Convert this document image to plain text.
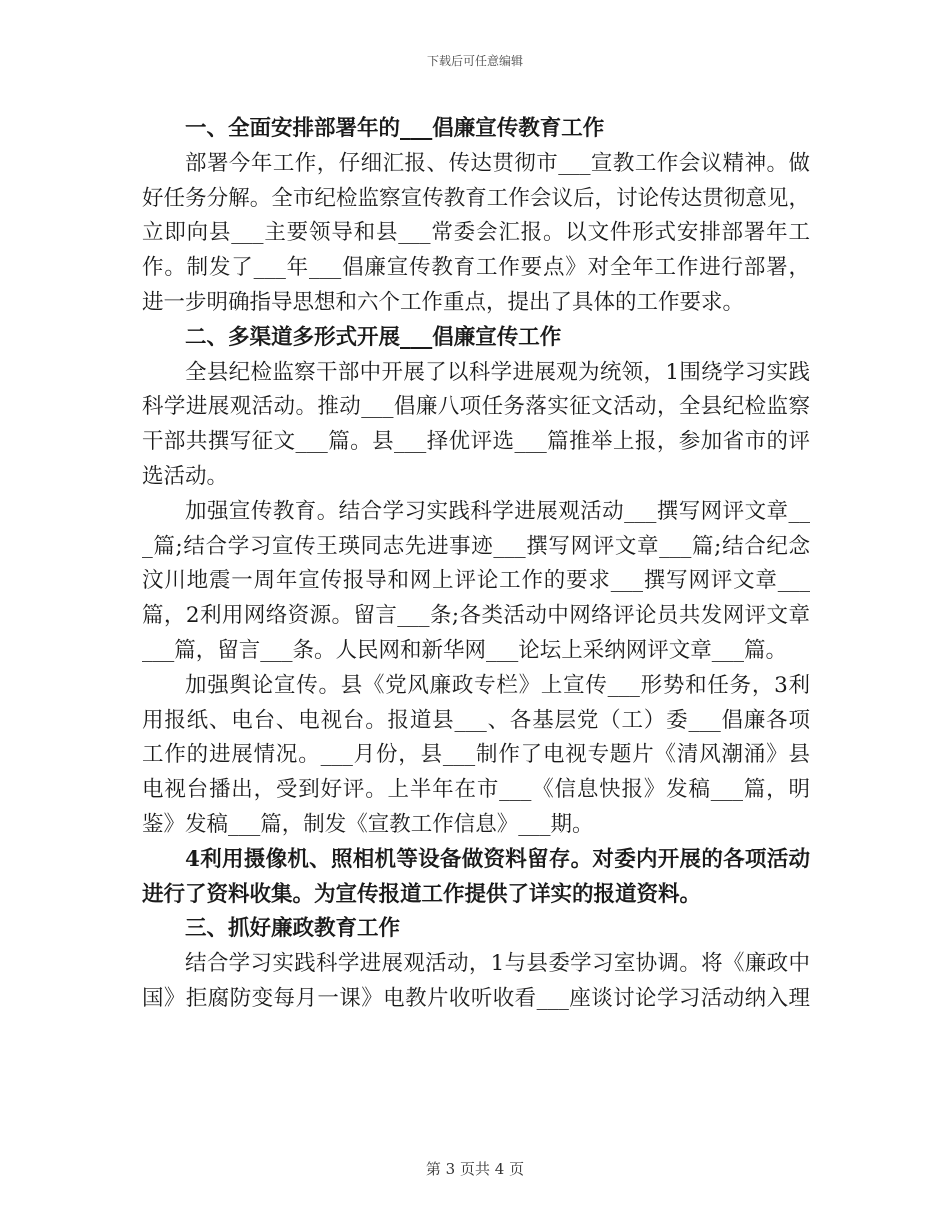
下载后可任意编辑
一、全面安排部署年的___倡廉宣传教育工作
部署今年工作，仔细汇报、传达贯彻市___宣教工作会议精神。做
好任务分解。全市纪检监察宣传教育工作会议后，讨论传达贯彻意见，
立即向县___主要领导和县___常委会汇报。以文件形式安排部署年工
作。制发了___年___倡廉宣传教育工作要点》对全年工作进行部署，
进一步明确指导思想和六个工作重点，提出了具体的工作要求。
二、多渠道多形式开展___倡廉宣传工作
全县纪检监察干部中开展了以科学进展观为统领，1围绕学习实践
科学进展观活动。推动___倡廉八项任务落实征文活动，全县纪检监察
干部共撰写征文___篇。县___择优评选___篇推举上报，参加省市的评
选活动。
加强宣传教育。结合学习实践科学进展观活动___撰写网评文章__
_篇;结合学习宣传王瑛同志先进事迹___撰写网评文章___篇;结合纪念
汶川地震一周年宣传报导和网上评论工作的要求___撰写网评文章___
篇，2利用网络资源。留言___条;各类活动中网络评论员共发网评文章
___篇，留言___条。人民网和新华网___论坛上采纳网评文章___篇。
加强舆论宣传。县《党风廉政专栏》上宣传___形势和任务，3利
用报纸、电台、电视台。报道县___、各基层党（工）委___倡廉各项
工作的进展情况。___月份，县___制作了电视专题片《清风潮涌》县
电视台播出，受到好评。上半年在市___《信息快报》发稿___篇，明
鉴》发稿___篇，制发《宣教工作信息》___期。
4利用摄像机、照相机等设备做资料留存。对委内开展的各项活动
进行了资料收集。为宣传报道工作提供了详实的报道资料。
三、抓好廉政教育工作
结合学习实践科学进展观活动，1与县委学习室协调。将《廉政中
国》拒腐防变每月一课》电教片收听收看___座谈讨论学习活动纳入理
第 3 页共 4 页
